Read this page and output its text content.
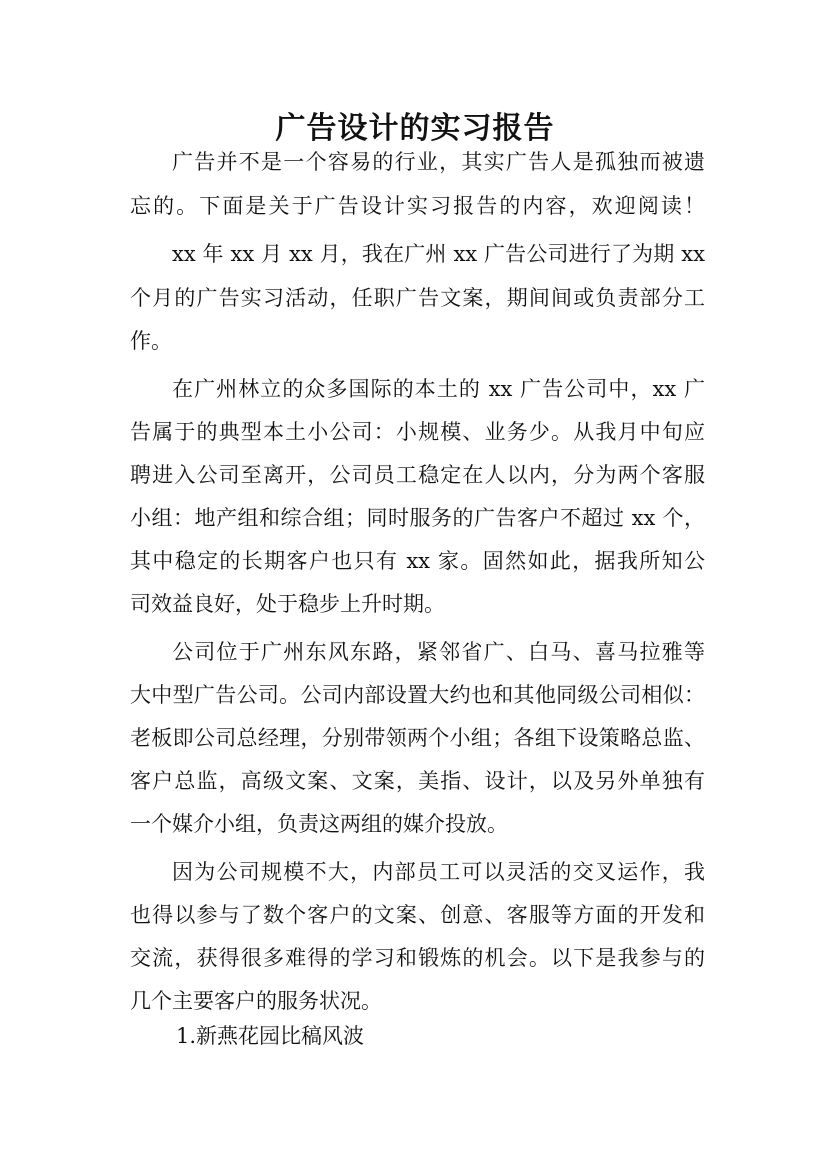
广告设计的实习报告
广告并不是一个容易的行业，其实广告人是孤独而被遗
忘的。下面是关于广告设计实习报告的内容，欢迎阅读！
xx 年 xx 月 xx 月，我在广州 xx 广告公司进行了为期 xx
个月的广告实习活动，任职广告文案，期间间或负责部分工
作。
在广州林立的众多国际的本土的 xx 广告公司中，xx 广
告属于的典型本土小公司：小规模、业务少。从我月中旬应
聘进入公司至离开，公司员工稳定在人以内，分为两个客服
小组：地产组和综合组；同时服务的广告客户不超过 xx 个，
其中稳定的长期客户也只有 xx 家。固然如此，据我所知公
司效益良好，处于稳步上升时期。
公司位于广州东风东路，紧邻省广、白马、喜马拉雅等
大中型广告公司。公司内部设置大约也和其他同级公司相似：
老板即公司总经理，分别带领两个小组；各组下设策略总监、
客户总监，高级文案、文案，美指、设计，以及另外单独有
一个媒介小组，负责这两组的媒介投放。
因为公司规模不大，内部员工可以灵活的交叉运作，我
也得以参与了数个客户的文案、创意、客服等方面的开发和
交流，获得很多难得的学习和锻炼的机会。以下是我参与的
几个主要客户的服务状况。
1.新燕花园比稿风波
